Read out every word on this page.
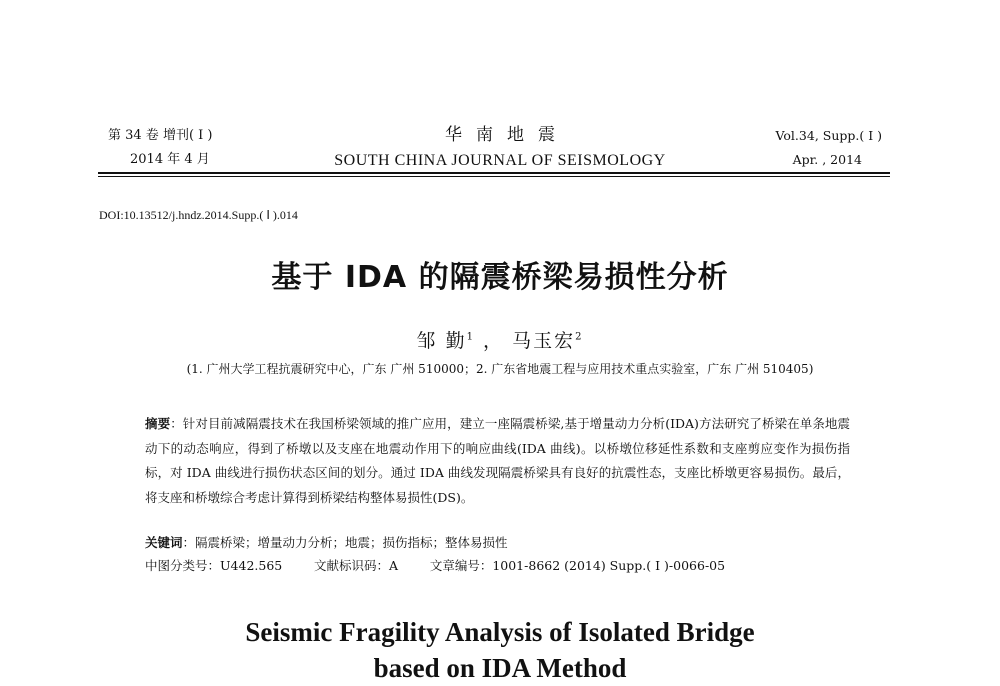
第 34 卷 增刊( Ⅰ )
2014 年 4 月
华南地震
SOUTH CHINA JOURNAL OF SEISMOLOGY
Vol.34, Supp.( Ⅰ )
Apr. , 2014
DOI:10.13512/j.hndz.2014.Supp.( Ⅰ ).014
基于 IDA 的隔震桥梁易损性分析
邹 勤$^1$ ， 马玉宏$^2$
(1. 广州大学工程抗震研究中心，广东 广州 510000；2. 广东省地震工程与应用技术重点实验室，广东 广州 510405)
摘要：针对目前减隔震技术在我国桥梁领域的推广应用，建立一座隔震桥梁,基于增量动力分析(IDA)方法研究了桥梁在单条地震动下的动态响应，得到了桥墩以及支座在地震动作用下的响应曲线(IDA 曲线)。以桥墩位移延性系数和支座剪应变作为损伤指标，对 IDA 曲线进行损伤状态区间的划分。通过 IDA 曲线发现隔震桥梁具有良好的抗震性态，支座比桥墩更容易损伤。最后，将支座和桥墩综合考虑计算得到桥梁结构整体易损性(DS)。
关键词：隔震桥梁；增量动力分析；地震；损伤指标；整体易损性
中图分类号：U442.565        文献标识码：A        文章编号：1001-8662 (2014) Supp.( Ⅰ )-0066-05
Seismic Fragility Analysis of Isolated Bridge
based on IDA Method
